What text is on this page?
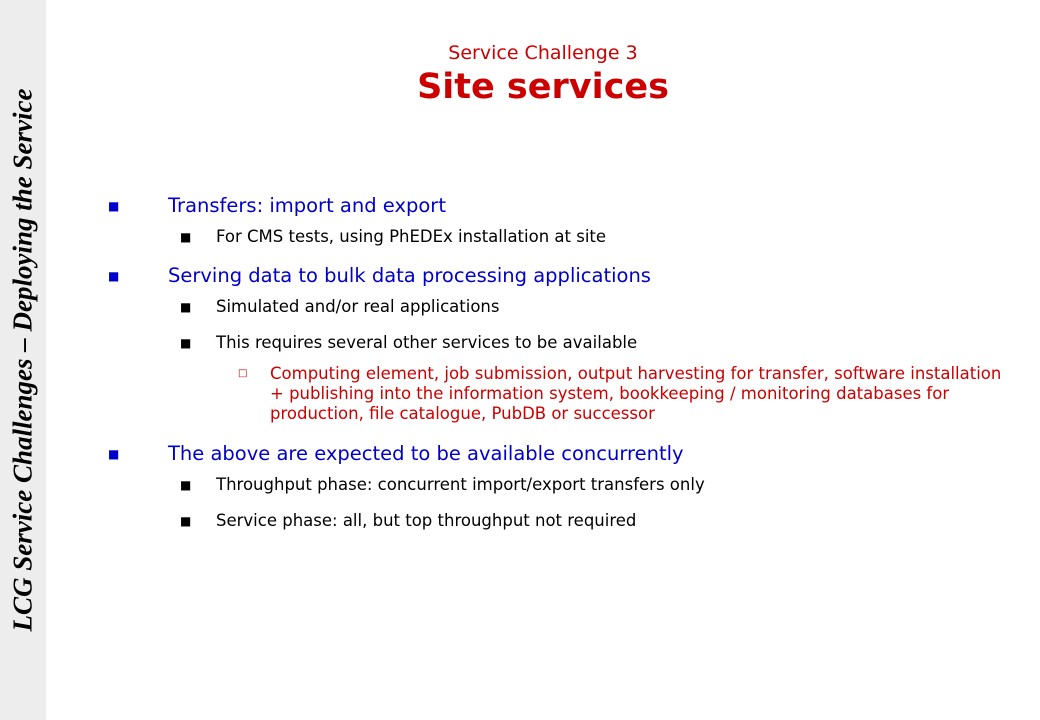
LCG Service Challenges – Deploying the Service
Service Challenge 3
Site services
■ Transfers: import and export
■ For CMS tests, using PhEDEx installation at site
■ Serving data to bulk data processing applications
■ Simulated and/or real applications
■ This requires several other services to be available
□ Computing element, job submission, output harvesting for transfer, software installation + publishing into the information system, bookkeeping / monitoring databases for production, file catalogue, PubDB or successor
■ The above are expected to be available concurrently
■ Throughput phase: concurrent import/export transfers only
■ Service phase: all, but top throughput not required
